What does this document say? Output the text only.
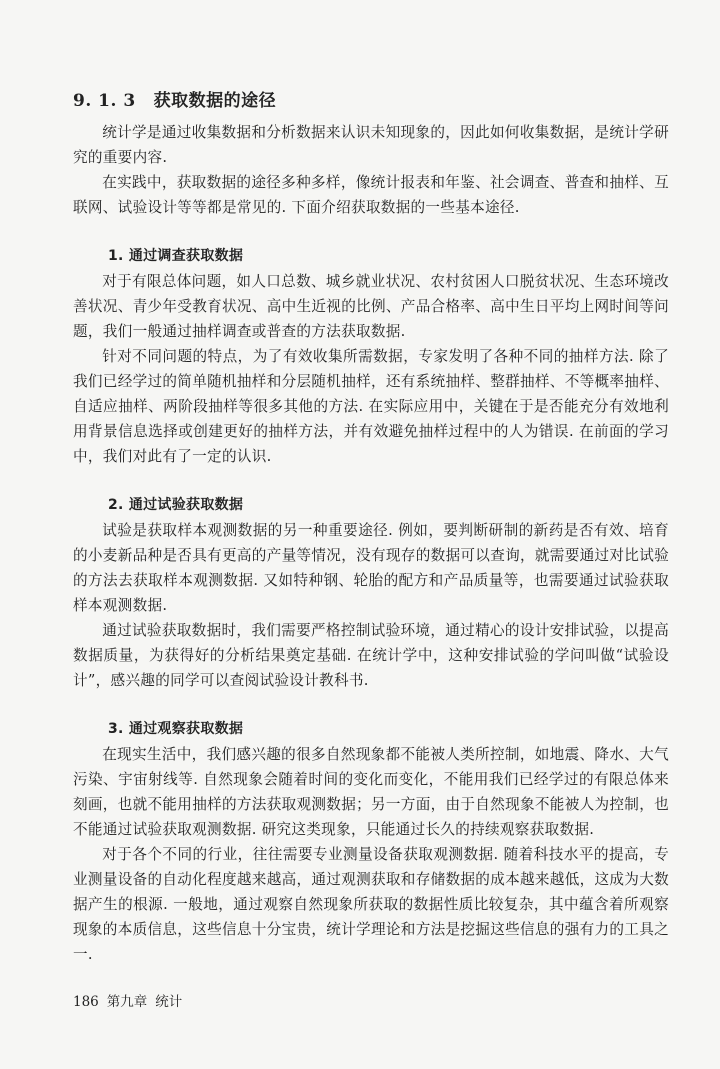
9. 1. 3 获取数据的途径

统计学是通过收集数据和分析数据来认识未知现象的，因此如何收集数据，是统计学研究的重要内容.

在实践中，获取数据的途径多种多样，像统计报表和年鉴、社会调查、普查和抽样、互联网、试验设计等等都是常见的. 下面介绍获取数据的一些基本途径.

1. 通过调查获取数据

对于有限总体问题，如人口总数、城乡就业状况、农村贫困人口脱贫状况、生态环境改善状况、青少年受教育状况、高中生近视的比例、产品合格率、高中生日平均上网时间等问题，我们一般通过抽样调查或普查的方法获取数据.

针对不同问题的特点，为了有效收集所需数据，专家发明了各种不同的抽样方法. 除了我们已经学过的简单随机抽样和分层随机抽样，还有系统抽样、整群抽样、不等概率抽样、自适应抽样、两阶段抽样等很多其他的方法. 在实际应用中，关键在于是否能充分有效地利用背景信息选择或创建更好的抽样方法，并有效避免抽样过程中的人为错误. 在前面的学习中，我们对此有了一定的认识.

2. 通过试验获取数据

试验是获取样本观测数据的另一种重要途径. 例如，要判断研制的新药是否有效、培育的小麦新品种是否具有更高的产量等情况，没有现存的数据可以查询，就需要通过对比试验的方法去获取样本观测数据. 又如特种钢、轮胎的配方和产品质量等，也需要通过试验获取样本观测数据.

通过试验获取数据时，我们需要严格控制试验环境，通过精心的设计安排试验，以提高数据质量，为获得好的分析结果奠定基础. 在统计学中，这种安排试验的学问叫做“试验设计”，感兴趣的同学可以查阅试验设计教科书.

3. 通过观察获取数据

在现实生活中，我们感兴趣的很多自然现象都不能被人类所控制，如地震、降水、大气污染、宇宙射线等. 自然现象会随着时间的变化而变化，不能用我们已经学过的有限总体来刻画，也就不能用抽样的方法获取观测数据；另一方面，由于自然现象不能被人为控制，也不能通过试验获取观测数据. 研究这类现象，只能通过长久的持续观察获取数据.

对于各个不同的行业，往往需要专业测量设备获取观测数据. 随着科技水平的提高，专业测量设备的自动化程度越来越高，通过观测获取和存储数据的成本越来越低，这成为大数据产生的根源. 一般地，通过观察自然现象所获取的数据性质比较复杂，其中蕴含着所观察现象的本质信息，这些信息十分宝贵，统计学理论和方法是挖掘这些信息的强有力的工具之一.

186 第九章 统计
